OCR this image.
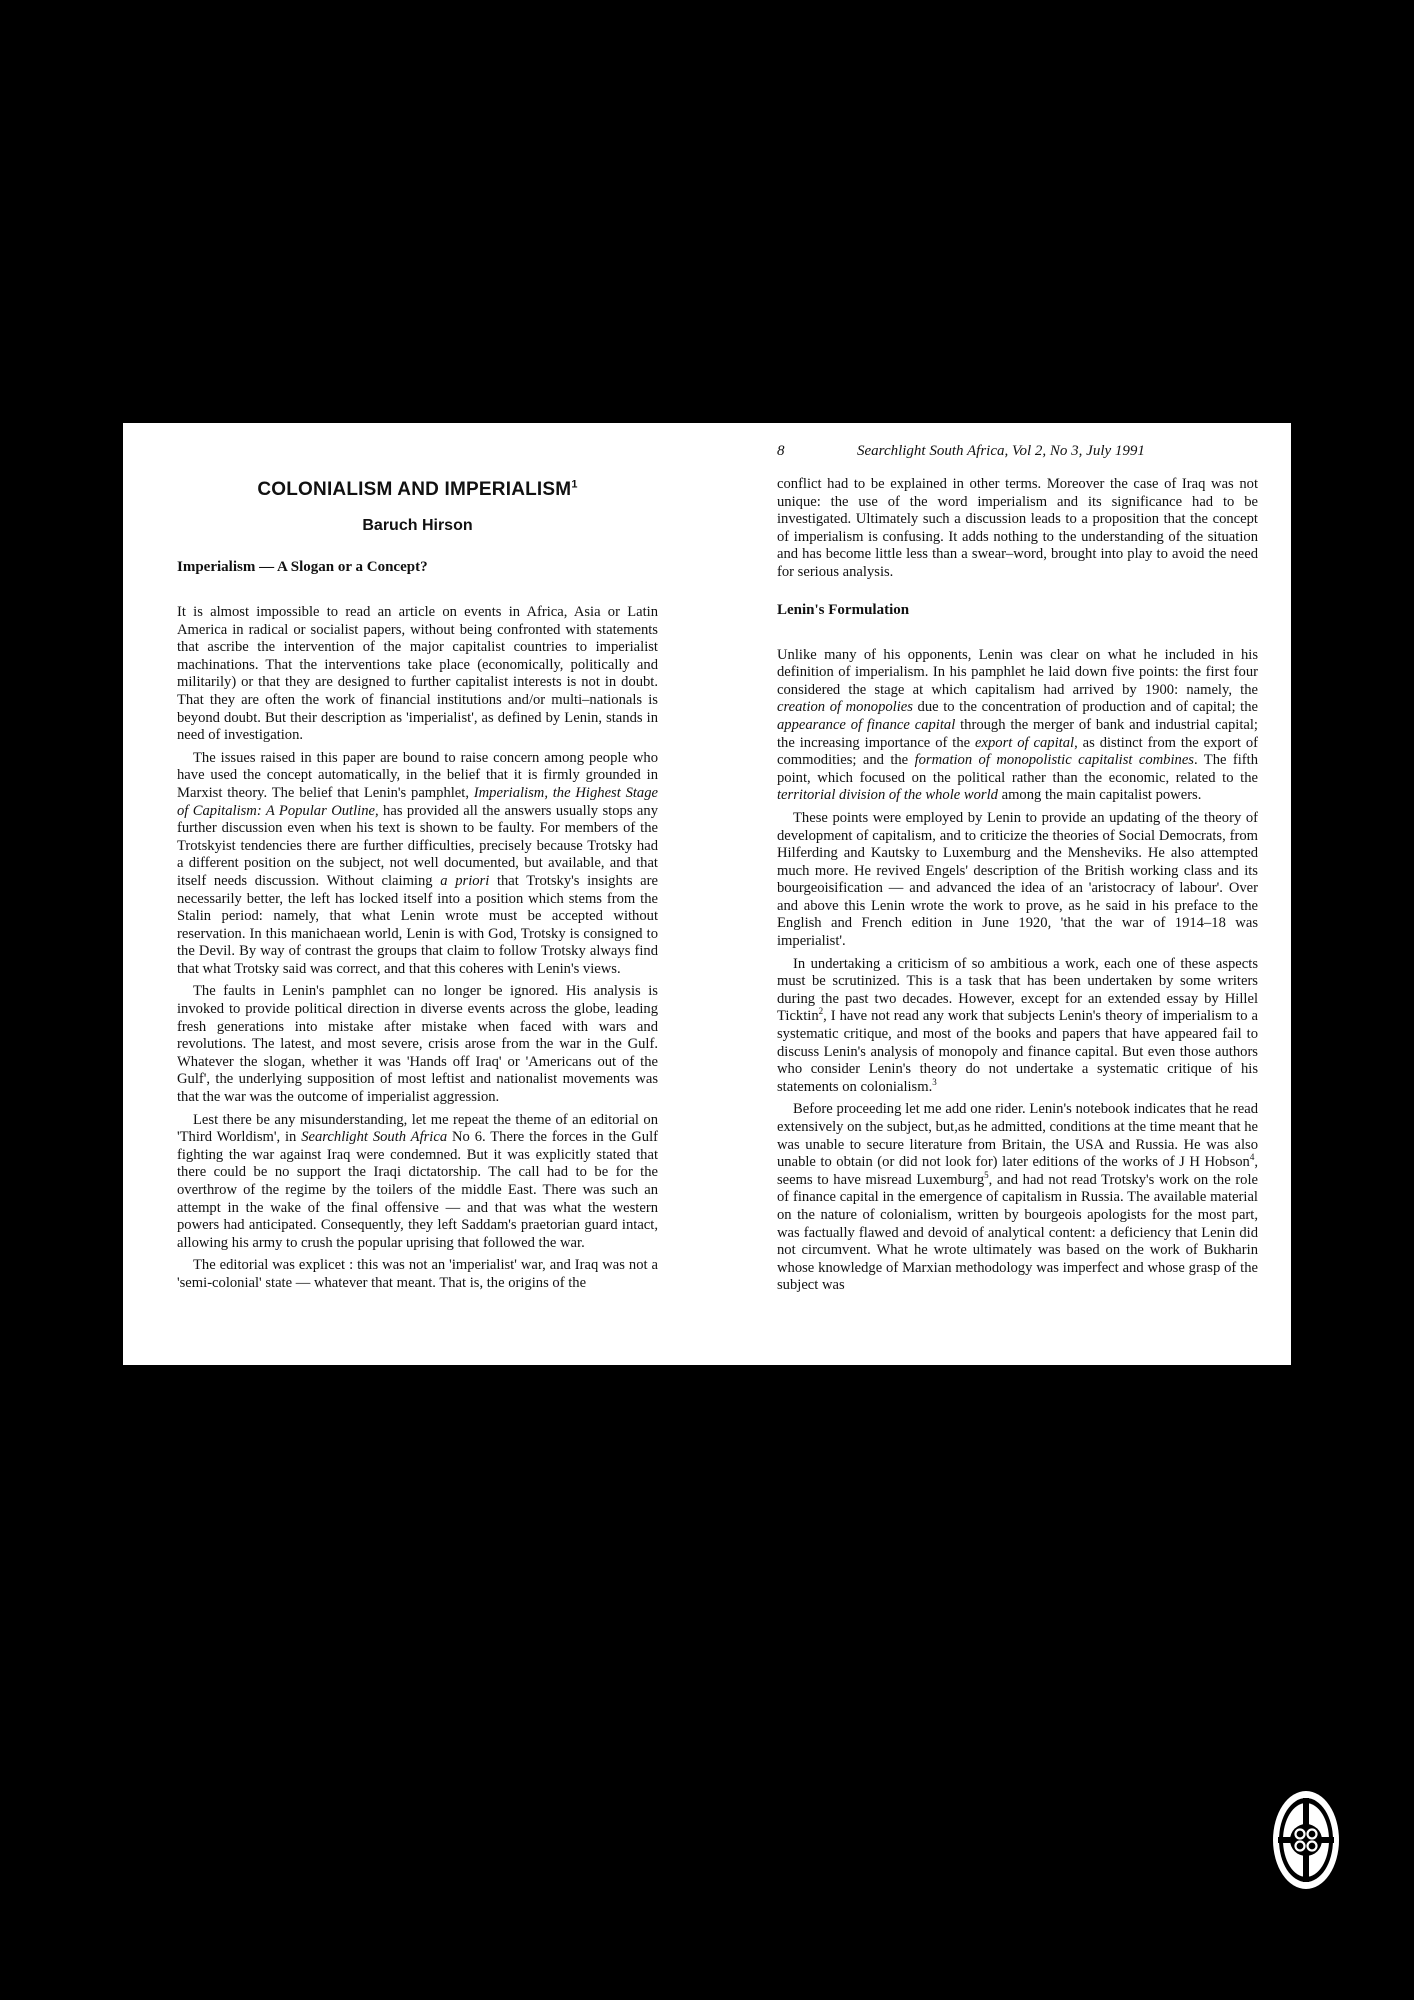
COLONIALISM AND IMPERIALISM$^1$
Baruch Hirson
Imperialism — A Slogan or a Concept?

It is almost impossible to read an article on events in Africa, Asia or Latin America in radical or socialist papers, without being confronted with statements that ascribe the intervention of the major capitalist countries to imperialist machinations. That the interventions take place (economically, politically and militarily) or that they are designed to further capitalist interests is not in doubt. That they are often the work of financial institutions and/or multi–nationals is beyond doubt. But their description as 'imperialist', as defined by Lenin, stands in need of investigation.

The issues raised in this paper are bound to raise concern among people who have used the concept automatically, in the belief that it is firmly grounded in Marxist theory. The belief that Lenin's pamphlet, Imperialism, the Highest Stage of Capitalism: A Popular Outline, has provided all the answers usually stops any further discussion even when his text is shown to be faulty. For members of the Trotskyist tendencies there are further difficulties, precisely because Trotsky had a different position on the subject, not well documented, but available, and that itself needs discussion. Without claiming a priori that Trotsky's insights are necessarily better, the left has locked itself into a position which stems from the Stalin period: namely, that what Lenin wrote must be accepted without reservation. In this manichaean world, Lenin is with God, Trotsky is consigned to the Devil. By way of contrast the groups that claim to follow Trotsky always find that what Trotsky said was correct, and that this coheres with Lenin's views.

The faults in Lenin's pamphlet can no longer be ignored. His analysis is invoked to provide political direction in diverse events across the globe, leading fresh generations into mistake after mistake when faced with wars and revolutions. The latest, and most severe, crisis arose from the war in the Gulf. Whatever the slogan, whether it was 'Hands off Iraq' or 'Americans out of the Gulf', the underlying supposition of most leftist and nationalist movements was that the war was the outcome of imperialist aggression.

Lest there be any misunderstanding, let me repeat the theme of an editorial on 'Third Worldism', in Searchlight South Africa No 6. There the forces in the Gulf fighting the war against Iraq were condemned. But it was explicitly stated that there could be no support the Iraqi dictatorship. The call had to be for the overthrow of the regime by the toilers of the middle East. There was such an attempt in the wake of the final offensive — and that was what the western powers had anticipated. Consequently, they left Saddam's praetorian guard intact, allowing his army to crush the popular uprising that followed the war.

The editorial was explicet : this was not an 'imperialist' war, and Iraq was not a 'semi-colonial' state — whatever that meant. That is, the origins of the

8	Searchlight South Africa, Vol 2, No 3, July 1991

conflict had to be explained in other terms. Moreover the case of Iraq was not unique: the use of the word imperialism and its significance had to be investigated. Ultimately such a discussion leads to a proposition that the concept of imperialism is confusing. It adds nothing to the understanding of the situation and has become little less than a swear–word, brought into play to avoid the need for serious analysis.

Lenin's Formulation

Unlike many of his opponents, Lenin was clear on what he included in his definition of imperialism. In his pamphlet he laid down five points: the first four considered the stage at which capitalism had arrived by 1900: namely, the creation of monopolies due to the concentration of production and of capital; the appearance of finance capital through the merger of bank and industrial capital; the increasing importance of the export of capital, as distinct from the export of commodities; and the formation of monopolistic capitalist combines. The fifth point, which focused on the political rather than the economic, related to the territorial division of the whole world among the main capitalist powers.

These points were employed by Lenin to provide an updating of the theory of development of capitalism, and to criticize the theories of Social Democrats, from Hilferding and Kautsky to Luxemburg and the Mensheviks. He also attempted much more. He revived Engels' description of the British working class and its bourgeoisification — and advanced the idea of an 'aristocracy of labour'. Over and above this Lenin wrote the work to prove, as he said in his preface to the English and French edition in June 1920, 'that the war of 1914–18 was imperialist'.

In undertaking a criticism of so ambitious a work, each one of these aspects must be scrutinized. This is a task that has been undertaken by some writers during the past two decades. However, except for an extended essay by Hillel Ticktin$^2$, I have not read any work that subjects Lenin's theory of imperialism to a systematic critique, and most of the books and papers that have appeared fail to discuss Lenin's analysis of monopoly and finance capital. But even those authors who consider Lenin's theory do not undertake a systematic critique of his statements on colonialism.$^3$

Before proceeding let me add one rider. Lenin's notebook indicates that he read extensively on the subject, but,as he admitted, conditions at the time meant that he was unable to secure literature from Britain, the USA and Russia. He was also unable to obtain (or did not look for) later editions of the works of J H Hobson$^4$, seems to have misread Luxemburg$^5$, and had not read Trotsky's work on the role of finance capital in the emergence of capitalism in Russia. The available material on the nature of colonialism, written by bourgeois apologists for the most part, was factually flawed and devoid of analytical content: a deficiency that Lenin did not circumvent. What he wrote ultimately was based on the work of Bukharin whose knowledge of Marxian methodology was imperfect and whose grasp of the subject was
